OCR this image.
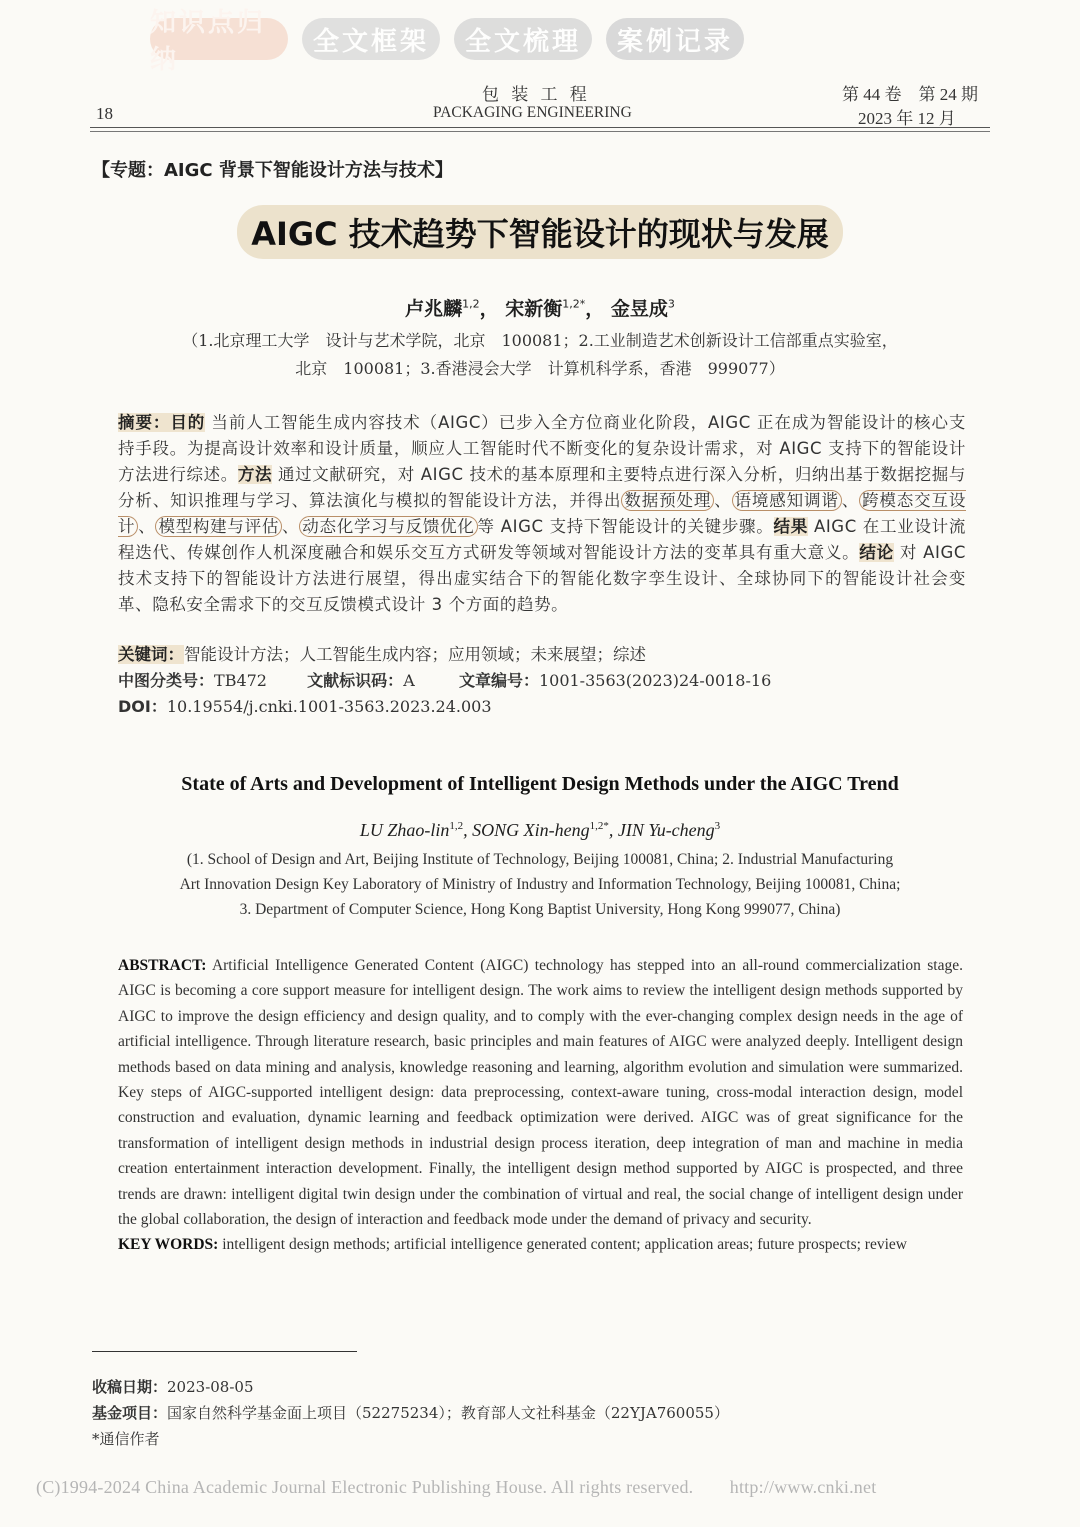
知识点归纳
全文框架	全文梳理	案例记录
包 装 工 程
18	PACKAGING ENGINEERING
第 44 卷　第 24 期
2023 年 12 月
【专题：AIGC 背景下智能设计方法与技术】
AIGC 技术趋势下智能设计的现状与发展
卢兆麟$^{1,2}$， 宋新衡$^{1,2*}$， 金昱成$^3$
（1.北京理工大学　设计与艺术学院，北京　100081；2.工业制造艺术创新设计工信部重点实验室，
北京　100081；3.香港浸会大学　计算机科学系，香港　999077）
摘要：目的 当前人工智能生成内容技术（AIGC）已步入全方位商业化阶段，AIGC 正在成为智能设计的核心支持手段。为提高设计效率和设计质量，顺应人工智能时代不断变化的复杂设计需求，对 AIGC 支持下的智能设计方法进行综述。方法 通过文献研究，对 AIGC 技术的基本原理和主要特点进行深入分析，归纳出基于数据挖掘与分析、知识推理与学习、算法演化与模拟的智能设计方法，并得出 数据预处理 、 语境感知调谐 、 跨模态交互设计 、 模型构建与评估 、 动态化学习与反馈优化 等 AIGC 支持下智能设计的关键步骤。结果 AIGC 在工业设计流程迭代、传媒创作人机深度融合和娱乐交互方式研发等领域对智能设计方法的变革具有重大意义。结论 对 AIGC 技术支持下的智能设计方法进行展望，得出虚实结合下的智能化数字孪生设计、全球协同下的智能设计社会变革、隐私安全需求下的交互反馈模式设计 3 个方面的趋势。
关键词：智能设计方法；人工智能生成内容；应用领域；未来展望；综述
中图分类号：TB472	文献标识码：A	文章编号：1001-3563(2023)24-0018-16
DOI：10.19554/j.cnki.1001-3563.2023.24.003
State of Arts and Development of Intelligent Design Methods under the AIGC Trend
LU Zhao-lin$^{1,2}$, SONG Xin-heng$^{1,2*}$, JIN Yu-cheng$^3$
(1. School of Design and Art, Beijing Institute of Technology, Beijing 100081, China; 2. Industrial Manufacturing
Art Innovation Design Key Laboratory of Ministry of Industry and Information Technology, Beijing 100081, China;
3. Department of Computer Science, Hong Kong Baptist University, Hong Kong 999077, China)
ABSTRACT: Artificial Intelligence Generated Content (AIGC) technology has stepped into an all-round commercialization stage. AIGC is becoming a core support measure for intelligent design. The work aims to review the intelligent design methods supported by AIGC to improve the design efficiency and design quality, and to comply with the ever-changing complex design needs in the age of artificial intelligence. Through literature research, basic principles and main features of AIGC were analyzed deeply. Intelligent design methods based on data mining and analysis, knowledge reasoning and learning, algorithm evolution and simulation were summarized. Key steps of AIGC-supported intelligent design: data preprocessing, context-aware tuning, cross-modal interaction design, model construction and evaluation, dynamic learning and feedback optimization were derived. AIGC was of great significance for the transformation of intelligent design methods in industrial design process iteration, deep integration of man and machine in media creation entertainment interaction development. Finally, the intelligent design method supported by AIGC is prospected, and three trends are drawn: intelligent digital twin design under the combination of virtual and real, the social change of intelligent design under the global collaboration, the design of interaction and feedback mode under the demand of privacy and security.
KEY WORDS: intelligent design methods; artificial intelligence generated content; application areas; future prospects; review
收稿日期：2023-08-05
基金项目：国家自然科学基金面上项目（52275234）；教育部人文社科基金（22YJA760055）
*通信作者
(C)1994-2024 China Academic Journal Electronic Publishing House. All rights reserved.　　http://www.cnki.net
